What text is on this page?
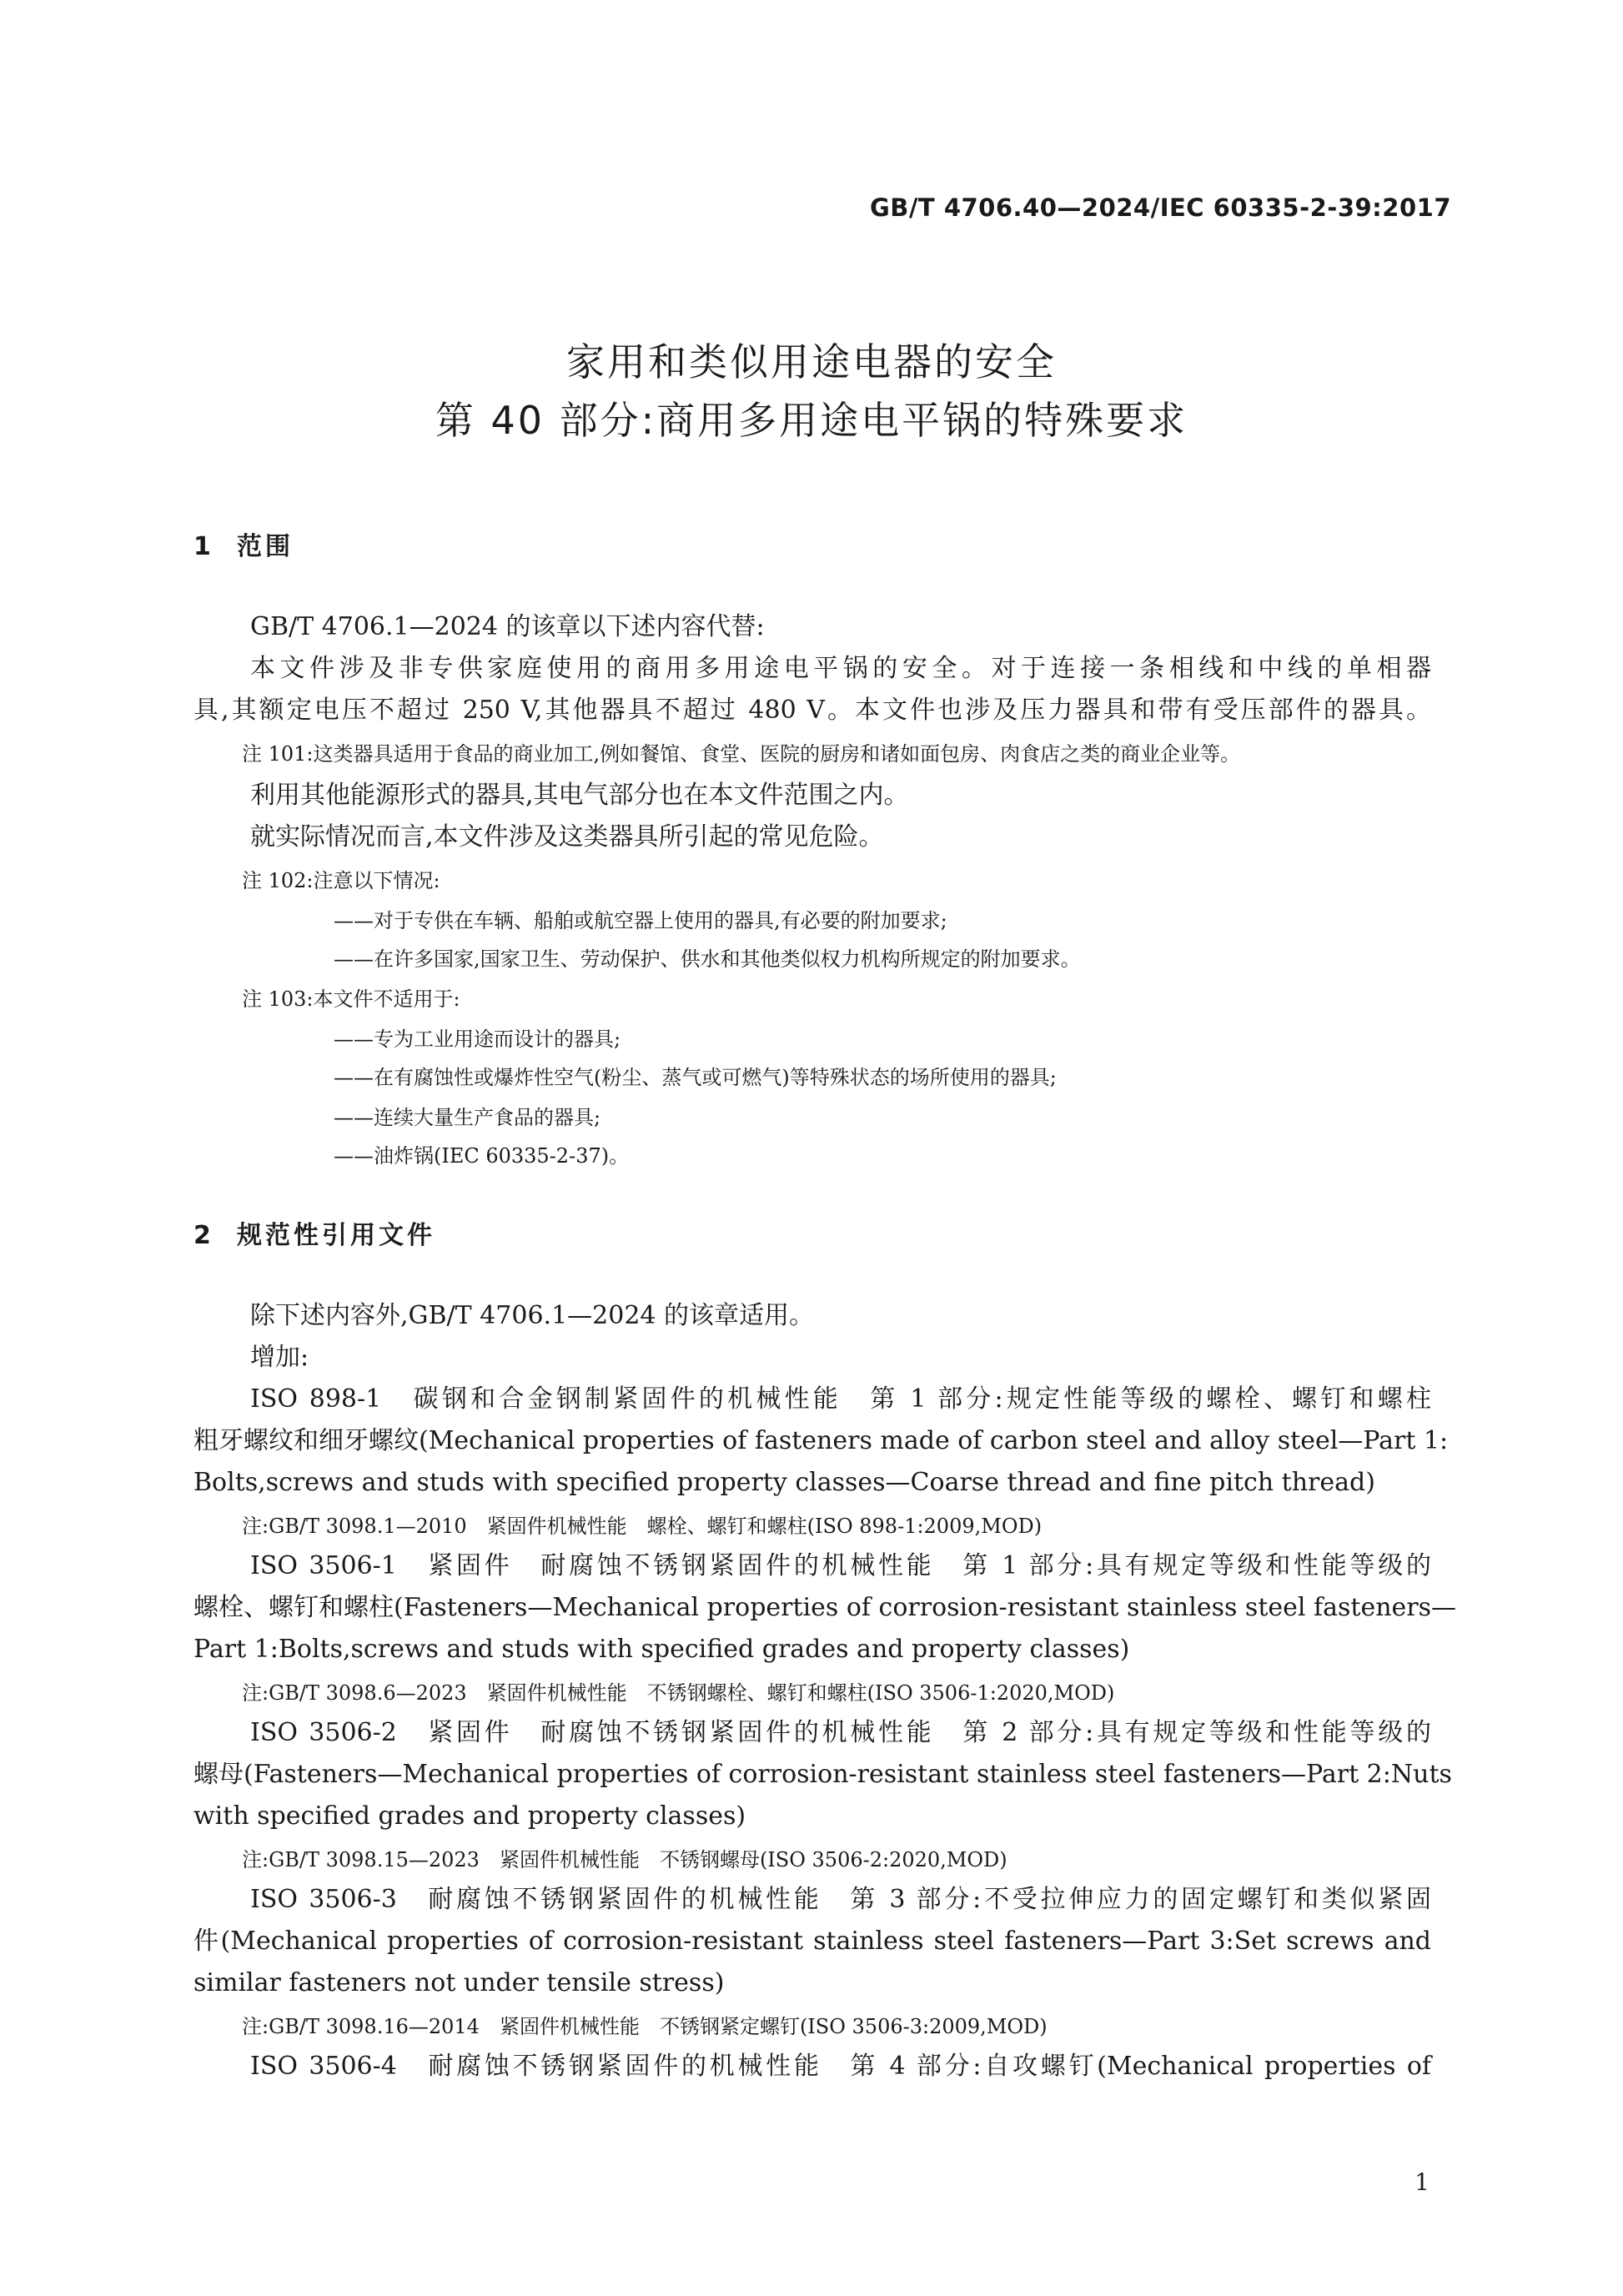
GB/T 4706.40—2024/IEC 60335-2-39:2017
家用和类似用途电器的安全
第 40 部分:商用多用途电平锅的特殊要求
1 范围
GB/T 4706.1—2024 的该章以下述内容代替:
本文件涉及非专供家庭使用的商用多用途电平锅的安全。对于连接一条相线和中线的单相器
具,其额定电压不超过 250 V,其他器具不超过 480 V。本文件也涉及压力器具和带有受压部件的器具。
注 101:这类器具适用于食品的商业加工,例如餐馆、食堂、医院的厨房和诸如面包房、肉食店之类的商业企业等。
利用其他能源形式的器具,其电气部分也在本文件范围之内。
就实际情况而言,本文件涉及这类器具所引起的常见危险。
注 102:注意以下情况:
——对于专供在车辆、船舶或航空器上使用的器具,有必要的附加要求;
——在许多国家,国家卫生、劳动保护、供水和其他类似权力机构所规定的附加要求。
注 103:本文件不适用于:
——专为工业用途而设计的器具;
——在有腐蚀性或爆炸性空气(粉尘、蒸气或可燃气)等特殊状态的场所使用的器具;
——连续大量生产食品的器具;
——油炸锅(IEC 60335-2-37)。
2 规范性引用文件
除下述内容外,GB/T 4706.1—2024 的该章适用。
增加:
ISO 898-1　碳钢和合金钢制紧固件的机械性能　第 1 部分:规定性能等级的螺栓、螺钉和螺柱
粗牙螺纹和细牙螺纹(Mechanical properties of fasteners made of carbon steel and alloy steel—Part 1:
Bolts,screws and studs with specified property classes—Coarse thread and fine pitch thread)
注:GB/T 3098.1—2010　紧固件机械性能　螺栓、螺钉和螺柱(ISO 898-1:2009,MOD)
ISO 3506-1　紧固件　耐腐蚀不锈钢紧固件的机械性能　第 1 部分:具有规定等级和性能等级的
螺栓、螺钉和螺柱(Fasteners—Mechanical properties of corrosion-resistant stainless steel fasteners—
Part 1:Bolts,screws and studs with specified grades and property classes)
注:GB/T 3098.6—2023　紧固件机械性能　不锈钢螺栓、螺钉和螺柱(ISO 3506-1:2020,MOD)
ISO 3506-2　紧固件　耐腐蚀不锈钢紧固件的机械性能　第 2 部分:具有规定等级和性能等级的
螺母(Fasteners—Mechanical properties of corrosion-resistant stainless steel fasteners—Part 2:Nuts
with specified grades and property classes)
注:GB/T 3098.15—2023　紧固件机械性能　不锈钢螺母(ISO 3506-2:2020,MOD)
ISO 3506-3　耐腐蚀不锈钢紧固件的机械性能　第 3 部分:不受拉伸应力的固定螺钉和类似紧固
件(Mechanical properties of corrosion-resistant stainless steel fasteners—Part 3:Set screws and
similar fasteners not under tensile stress)
注:GB/T 3098.16—2014　紧固件机械性能　不锈钢紧定螺钉(ISO 3506-3:2009,MOD)
ISO 3506-4　耐腐蚀不锈钢紧固件的机械性能　第 4 部分:自攻螺钉(Mechanical properties of
1
